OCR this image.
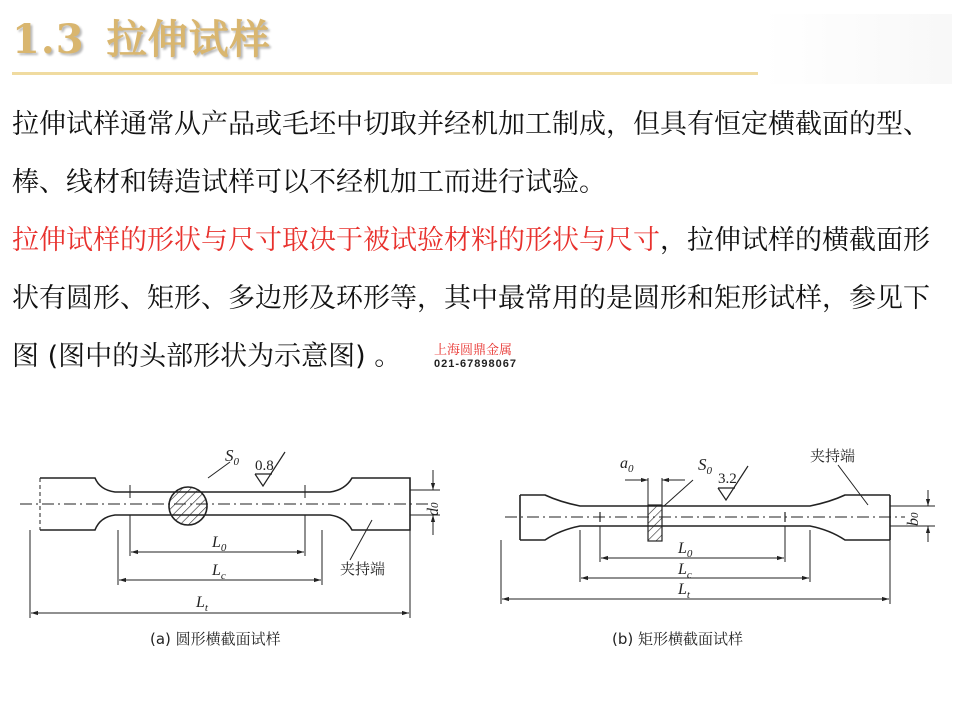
1.3 拉伸试样
拉伸试样通常从产品或毛坯中切取并经机加工制成，但具有恒定横截面的型、棒、线材和铸造试样可以不经机加工而进行试验。
拉伸试样的形状与尺寸取决于被试验材料的形状与尺寸，拉伸试样的横截面形状有圆形、矩形、多边形及环形等，其中最常用的是圆形和矩形试样，参见下图 (图中的头部形状为示意图) 。	上海圆鼎金属
021-67898067
$S_0$ 0.8
d0
$L_0$
$L_c$
$L_t$
夹持端
(a) 圆形横截面试样
$a_0$	$S_0$ 3.2
夹持端
b0
$L_0$
$L_c$
$L_t$
(b) 矩形横截面试样
